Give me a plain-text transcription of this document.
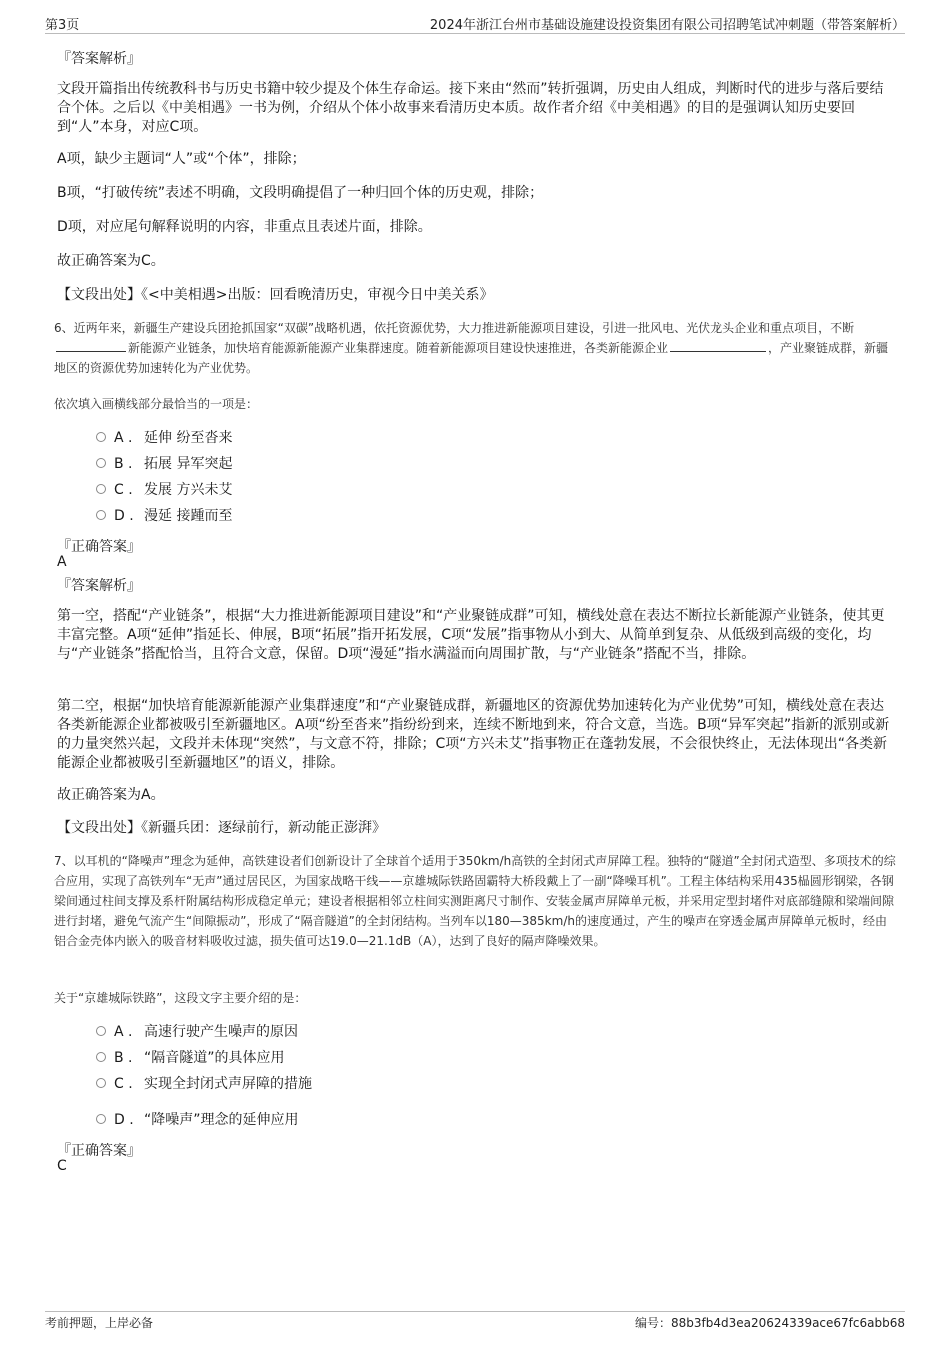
第3页	2024年浙江台州市基础设施建设投资集团有限公司招聘笔试冲刺题（带答案解析）

『答案解析』

文段开篇指出传统教科书与历史书籍中较少提及个体生存命运。接下来由“然而”转折强调，历史由人组成，判断时代的进步与落后要结合个体。之后以《中美相遇》一书为例，介绍从个体小故事来看清历史本质。故作者介绍《中美相遇》的目的是强调认知历史要回到“人”本身，对应C项。

A项，缺少主题词“人”或“个体”，排除；

B项，“打破传统”表述不明确，文段明确提倡了一种归回个体的历史观，排除；

D项，对应尾句解释说明的内容，非重点且表述片面，排除。

故正确答案为C。

【文段出处】《<中美相遇>出版：回看晚清历史，审视今日中美关系》

6、近两年来，新疆生产建设兵团抢抓国家“双碳”战略机遇，依托资源优势，大力推进新能源项目建设，引进一批风电、光伏龙头企业和重点项目，不断新能源产业链条，加快培育能源新能源产业集群速度。随着新能源项目建设快速推进，各类新能源企业	，产业聚链成群，新疆地区的资源优势加速转化为产业优势。

依次填入画横线部分最恰当的一项是：

A . 延伸 纷至沓来
B . 拓展 异军突起
C . 发展 方兴未艾
D . 漫延 接踵而至

『正确答案』

A

『答案解析』

第一空，搭配“产业链条”，根据“大力推进新能源项目建设”和“产业聚链成群”可知，横线处意在表达不断拉长新能源产业链条，使其更丰富完整。A项“延伸”指延长、伸展，B项“拓展”指开拓发展，C项“发展”指事物从小到大、从简单到复杂、从低级到高级的变化，均与“产业链条”搭配恰当，且符合文意，保留。D项“漫延”指水满溢而向周围扩散，与“产业链条”搭配不当，排除。

第二空，根据“加快培育能源新能源产业集群速度”和“产业聚链成群，新疆地区的资源优势加速转化为产业优势”可知，横线处意在表达各类新能源企业都被吸引至新疆地区。A项“纷至沓来”指纷纷到来，连续不断地到来，符合文意，当选。B项“异军突起”指新的派别或新的力量突然兴起，文段并未体现“突然”，与文意不符，排除；C项“方兴未艾”指事物正在蓬勃发展，不会很快终止，无法体现出“各类新能源企业都被吸引至新疆地区”的语义，排除。

故正确答案为A。

【文段出处】《新疆兵团：逐绿前行，新动能正澎湃》

7、以耳机的“降噪声”理念为延伸，高铁建设者们创新设计了全球首个适用于350km/h高铁的全封闭式声屏障工程。独特的“隧道”全封闭式造型、多项技术的综合应用，实现了高铁列车“无声”通过居民区，为国家战略干线——京雄城际铁路固霸特大桥段戴上了一副“降噪耳机”。工程主体结构采用435榀圆形钢梁，各钢梁间通过柱间支撑及系杆附属结构形成稳定单元；建设者根据相邻立柱间实测距离尺寸制作、安装金属声屏障单元板，并采用定型封堵件对底部缝隙和梁端间隙进行封堵，避免气流产生“间隙振动”，形成了“隔音隧道”的全封闭结构。当列车以180—385km/h的速度通过，产生的噪声在穿透金属声屏障单元板时，经由铝合金壳体内嵌入的吸音材料吸收过滤，损失值可达19.0—21.1dB（A），达到了良好的隔声降噪效果。

关于“京雄城际铁路”，这段文字主要介绍的是：

A . 高速行驶产生噪声的原因
B . “隔音隧道”的具体应用
C . 实现全封闭式声屏障的措施
D . “降噪声”理念的延伸应用

『正确答案』

C

考前押题，上岸必备	编号：88b3fb4d3ea20624339ace67fc6abb68
